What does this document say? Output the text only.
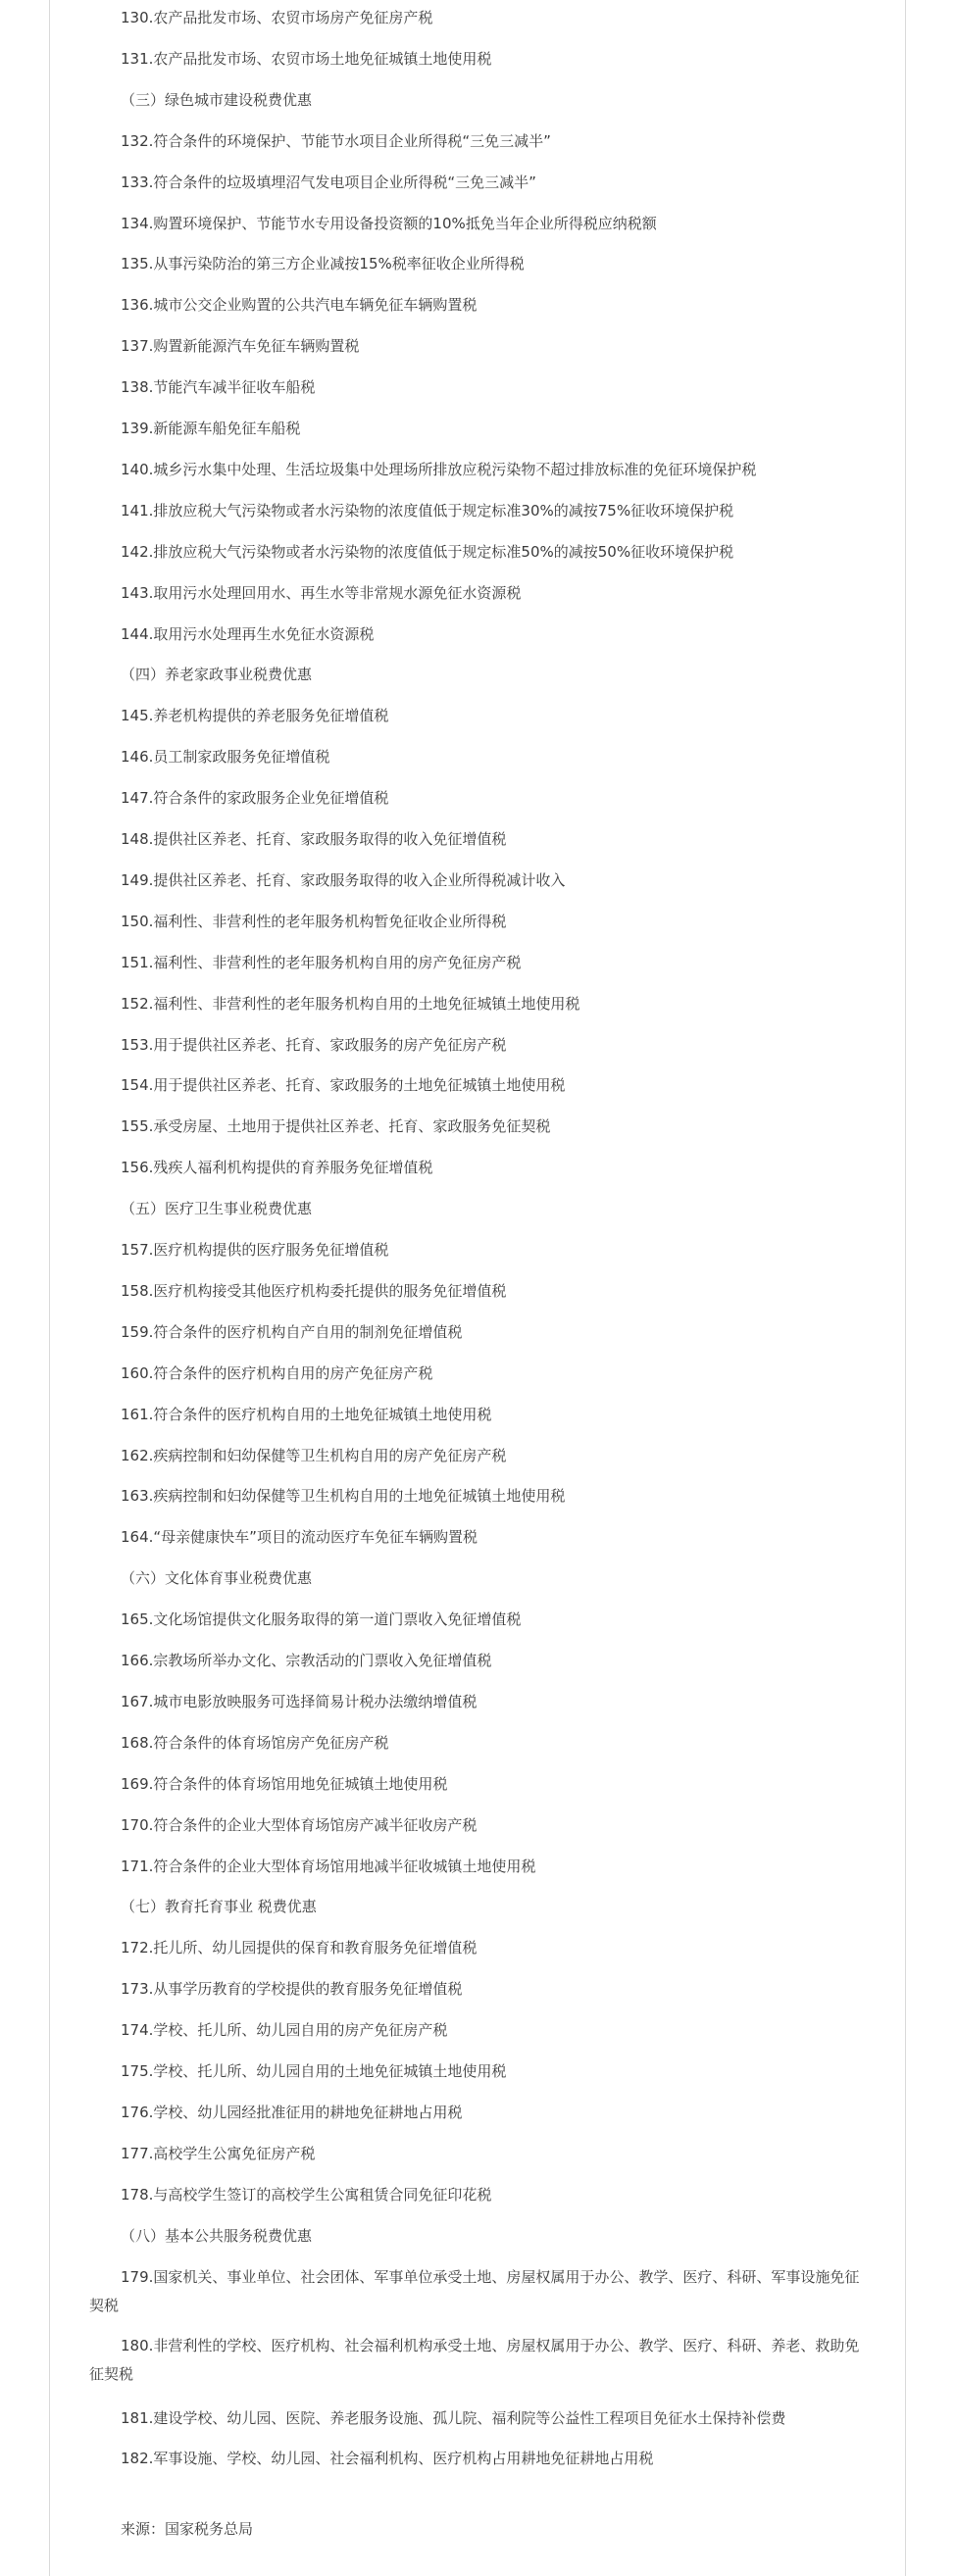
130.农产品批发市场、农贸市场房产免征房产税
131.农产品批发市场、农贸市场土地免征城镇土地使用税
（三）绿色城市建设税费优惠
132.符合条件的环境保护、节能节水项目企业所得税“三免三减半”
133.符合条件的垃圾填埋沼气发电项目企业所得税“三免三减半”
134.购置环境保护、节能节水专用设备投资额的10%抵免当年企业所得税应纳税额
135.从事污染防治的第三方企业减按15%税率征收企业所得税
136.城市公交企业购置的公共汽电车辆免征车辆购置税
137.购置新能源汽车免征车辆购置税
138.节能汽车减半征收车船税
139.新能源车船免征车船税
140.城乡污水集中处理、生活垃圾集中处理场所排放应税污染物不超过排放标准的免征环境保护税
141.排放应税大气污染物或者水污染物的浓度值低于规定标准30%的减按75%征收环境保护税
142.排放应税大气污染物或者水污染物的浓度值低于规定标准50%的减按50%征收环境保护税
143.取用污水处理回用水、再生水等非常规水源免征水资源税
144.取用污水处理再生水免征水资源税
（四）养老家政事业税费优惠
145.养老机构提供的养老服务免征增值税
146.员工制家政服务免征增值税
147.符合条件的家政服务企业免征增值税
148.提供社区养老、托育、家政服务取得的收入免征增值税
149.提供社区养老、托育、家政服务取得的收入企业所得税减计收入
150.福利性、非营利性的老年服务机构暂免征收企业所得税
151.福利性、非营利性的老年服务机构自用的房产免征房产税
152.福利性、非营利性的老年服务机构自用的土地免征城镇土地使用税
153.用于提供社区养老、托育、家政服务的房产免征房产税
154.用于提供社区养老、托育、家政服务的土地免征城镇土地使用税
155.承受房屋、土地用于提供社区养老、托育、家政服务免征契税
156.残疾人福利机构提供的育养服务免征增值税
（五）医疗卫生事业税费优惠
157.医疗机构提供的医疗服务免征增值税
158.医疗机构接受其他医疗机构委托提供的服务免征增值税
159.符合条件的医疗机构自产自用的制剂免征增值税
160.符合条件的医疗机构自用的房产免征房产税
161.符合条件的医疗机构自用的土地免征城镇土地使用税
162.疾病控制和妇幼保健等卫生机构自用的房产免征房产税
163.疾病控制和妇幼保健等卫生机构自用的土地免征城镇土地使用税
164.“母亲健康快车”项目的流动医疗车免征车辆购置税
（六）文化体育事业税费优惠
165.文化场馆提供文化服务取得的第一道门票收入免征增值税
166.宗教场所举办文化、宗教活动的门票收入免征增值税
167.城市电影放映服务可选择简易计税办法缴纳增值税
168.符合条件的体育场馆房产免征房产税
169.符合条件的体育场馆用地免征城镇土地使用税
170.符合条件的企业大型体育场馆房产减半征收房产税
171.符合条件的企业大型体育场馆用地减半征收城镇土地使用税
（七）教育托育事业 税费优惠
172.托儿所、幼儿园提供的保育和教育服务免征增值税
173.从事学历教育的学校提供的教育服务免征增值税
174.学校、托儿所、幼儿园自用的房产免征房产税
175.学校、托儿所、幼儿园自用的土地免征城镇土地使用税
176.学校、幼儿园经批准征用的耕地免征耕地占用税
177.高校学生公寓免征房产税
178.与高校学生签订的高校学生公寓租赁合同免征印花税
（八）基本公共服务税费优惠
179.国家机关、事业单位、社会团体、军事单位承受土地、房屋权属用于办公、教学、医疗、科研、军事设施免征契税
180.非营利性的学校、医疗机构、社会福利机构承受土地、房屋权属用于办公、教学、医疗、科研、养老、救助免征契税
181.建设学校、幼儿园、医院、养老服务设施、孤儿院、福利院等公益性工程项目免征水土保持补偿费
182.军事设施、学校、幼儿园、社会福利机构、医疗机构占用耕地免征耕地占用税
来源：国家税务总局
